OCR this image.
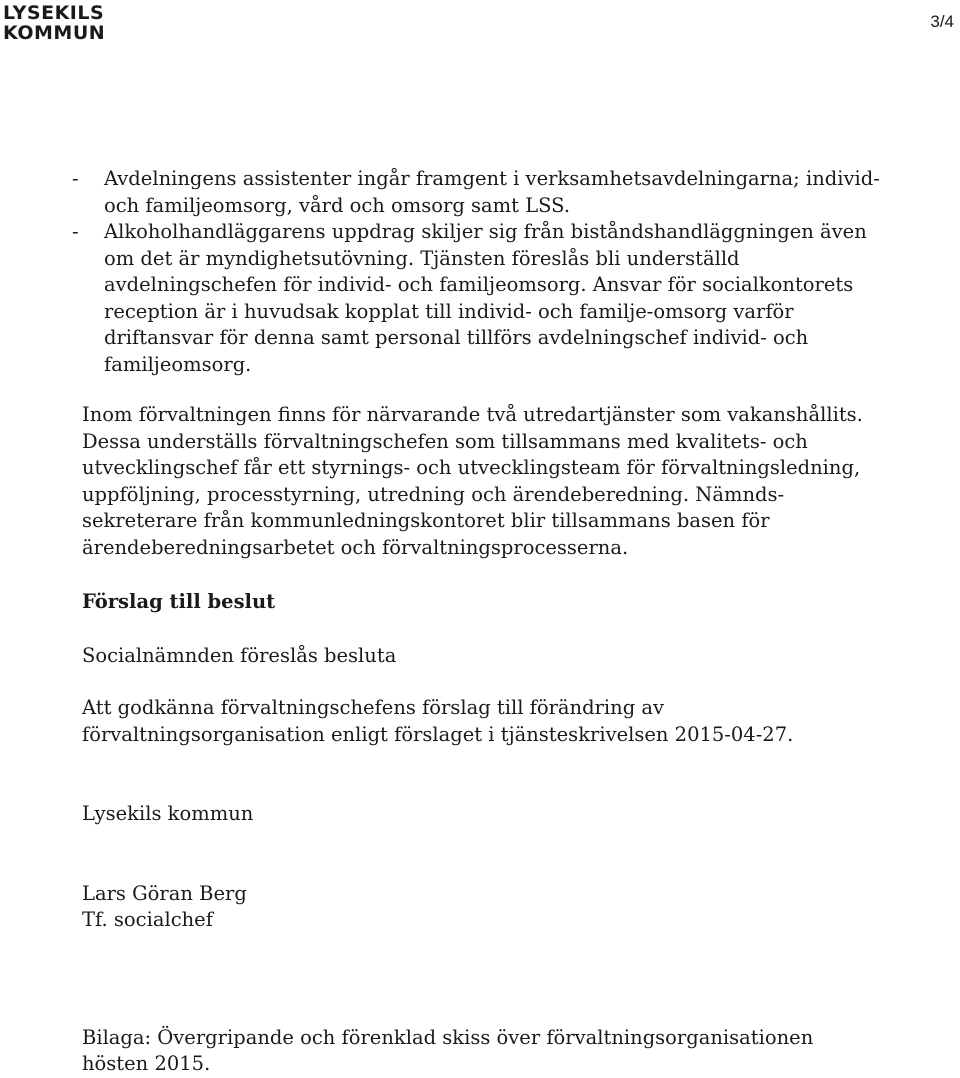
LYSEKILS
KOMMUN
3/4
- Avdelningens assistenter ingår framgent i verksamhetsavdelningarna; individ- och familjeomsorg, vård och omsorg samt LSS.
- Alkoholhandläggarens uppdrag skiljer sig från biståndshandläggningen även om det är myndighetsutövning. Tjänsten föreslås bli underställd avdelningschefen för individ- och familjeomsorg. Ansvar för socialkontorets reception är i huvudsak kopplat till individ- och familje-omsorg varför driftansvar för denna samt personal tillförs avdelningschef individ- och familjeomsorg.

Inom förvaltningen finns för närvarande två utredartjänster som vakanshållits. Dessa underställs förvaltningschefen som tillsammans med kvalitets- och utvecklingschef får ett styrnings- och utvecklingsteam för förvaltningsledning, uppföljning, processtyrning, utredning och ärendeberedning. Nämnds-sekreterare från kommunledningskontoret blir tillsammans basen för ärendeberedningsarbetet och förvaltningsprocesserna.

Förslag till beslut

Socialnämnden föreslås besluta

Att godkänna förvaltningschefens förslag till förändring av förvaltningsorganisation enligt förslaget i tjänsteskrivelsen 2015-04-27.

Lysekils kommun

Lars Göran Berg

Tf. socialchef

Bilaga: Övergripande och förenklad skiss över förvaltningsorganisationen hösten 2015.
